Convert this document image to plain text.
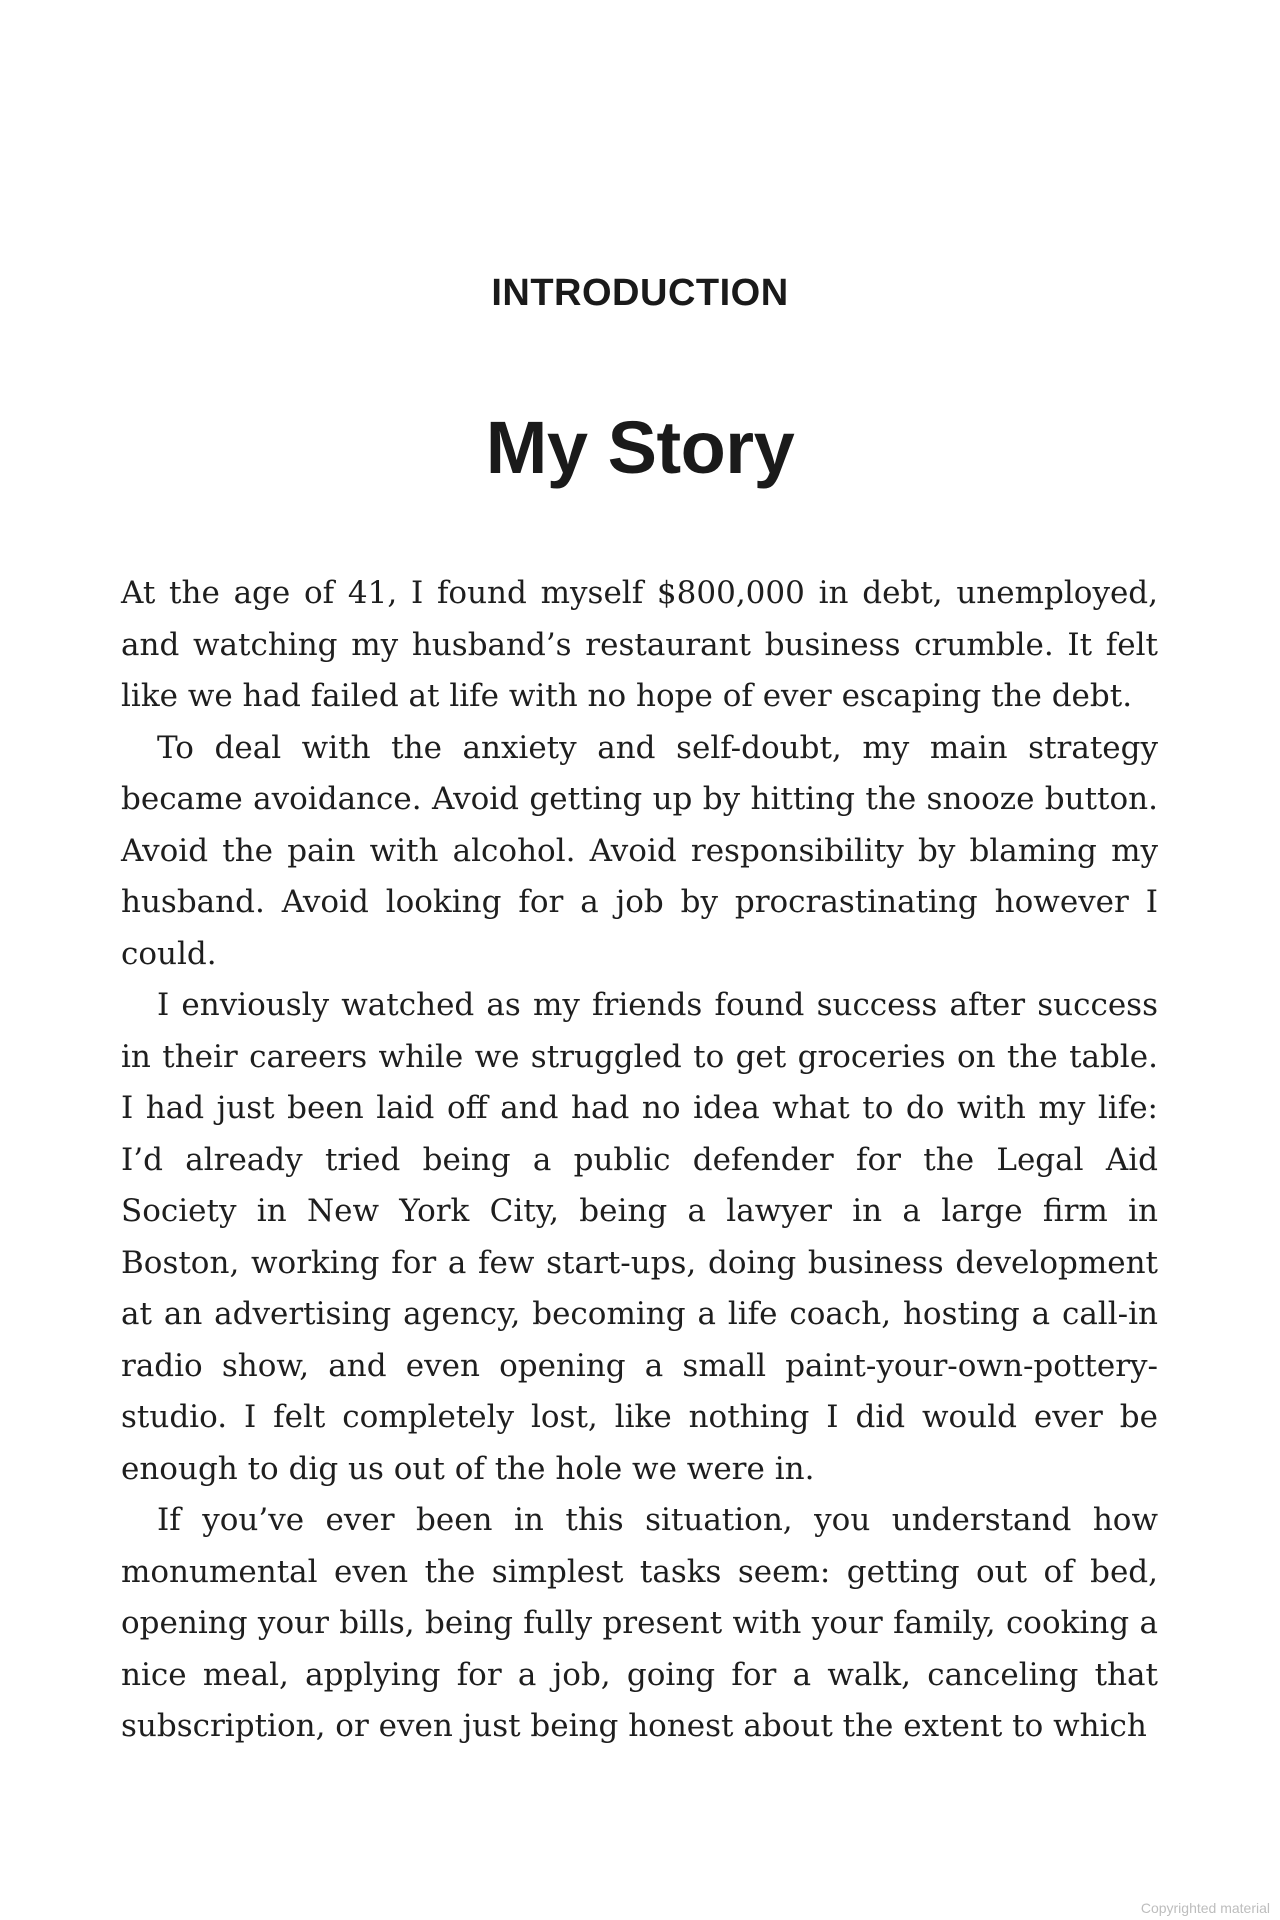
INTRODUCTION
My Story

At the age of 41, I found myself $800,000 in debt, unemployed, and watching my husband’s restaurant business crumble. It felt like we had failed at life with no hope of ever escaping the debt.

To deal with the anxiety and self-doubt, my main strategy became avoidance. Avoid getting up by hitting the snooze button. Avoid the pain with alcohol. Avoid responsibility by blaming my husband. Avoid looking for a job by procrastinating however I could.

I enviously watched as my friends found success after success in their careers while we struggled to get groceries on the table. I had just been laid off and had no idea what to do with my life: I’d already tried being a public defender for the Legal Aid Society in New York City, being a lawyer in a large firm in Boston, working for a few start-ups, doing business development at an advertising agency, becoming a life coach, hosting a call-in radio show, and even opening a small paint-your-own-pottery-studio. I felt completely lost, like nothing I did would ever be enough to dig us out of the hole we were in.

If you’ve ever been in this situation, you understand how monumental even the simplest tasks seem: getting out of bed, opening your bills, being fully present with your family, cooking a nice meal, applying for a job, going for a walk, canceling that subscription, or even just being honest about the extent to which

Copyrighted material
